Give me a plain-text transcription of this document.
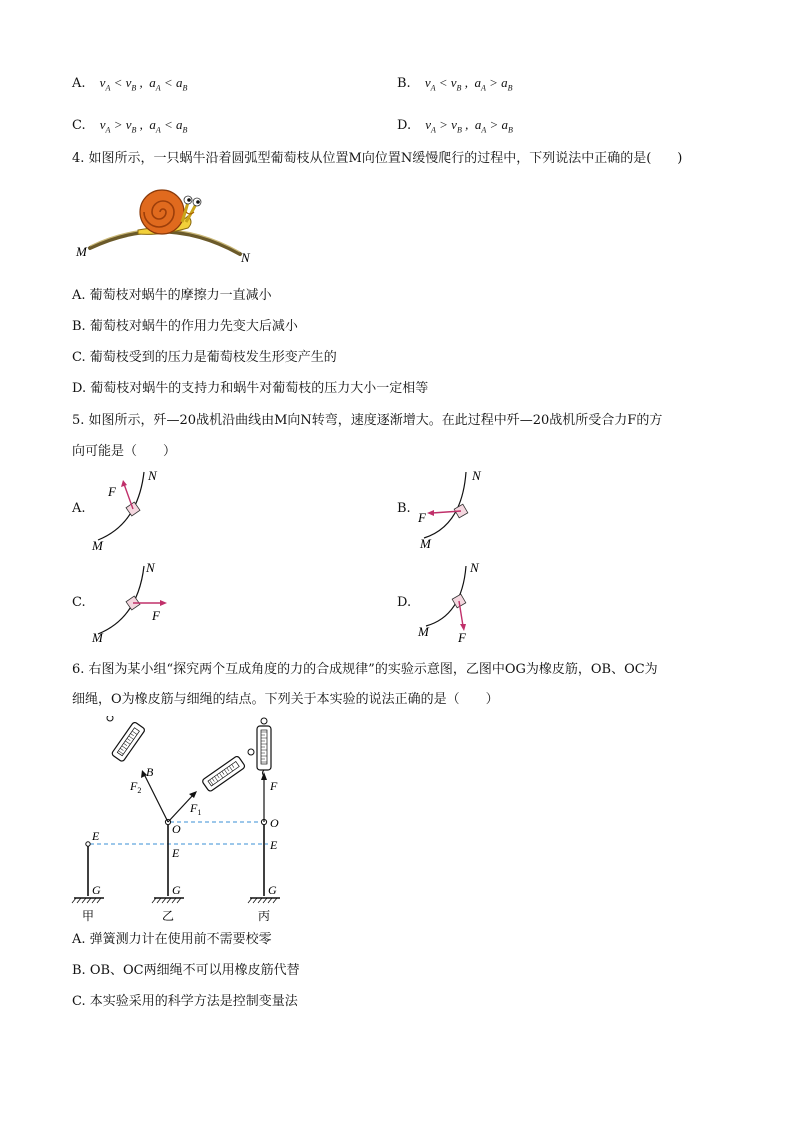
A. $v_A < v_B$ ,  $a_A < a_B$	B. $v_A < v_B$ ,  $a_A > a_B$
C. $v_A > v_B$ ,  $a_A < a_B$	D. $v_A > v_B$ ,  $a_A > a_B$
4. 如图所示，一只蜗牛沿着圆弧型葡萄枝从位置M向位置N缓慢爬行的过程中，下列说法中正确的是(　　)
M	N
A. 葡萄枝对蜗牛的摩擦力一直减小
B. 葡萄枝对蜗牛的作用力先变大后减小
C. 葡萄枝受到的压力是葡萄枝发生形变产生的
D. 葡萄枝对蜗牛的支持力和蜗牛对葡萄枝的压力大小一定相等
5. 如图所示，歼—20战机沿曲线由M向N转弯，速度逐渐增大。在此过程中歼—20战机所受合力F的方
向可能是（　　）
A.
F
N
M
B.
F
N
M
C.
F
N
M
D.
F
N
M
6. 右图为某小组“探究两个互成角度的力的合成规律”的实验示意图，乙图中OG为橡皮筋，OB、OC为
细绳，O为橡皮筋与细绳的结点。下列关于本实验的说法正确的是（　　）
E
G
甲
B
$F_2$
$F_1$
O
E
G
乙
F
O
E
G
丙
A. 弹簧测力计在使用前不需要校零
B. OB、OC两细绳不可以用橡皮筋代替
C. 本实验采用的科学方法是控制变量法
